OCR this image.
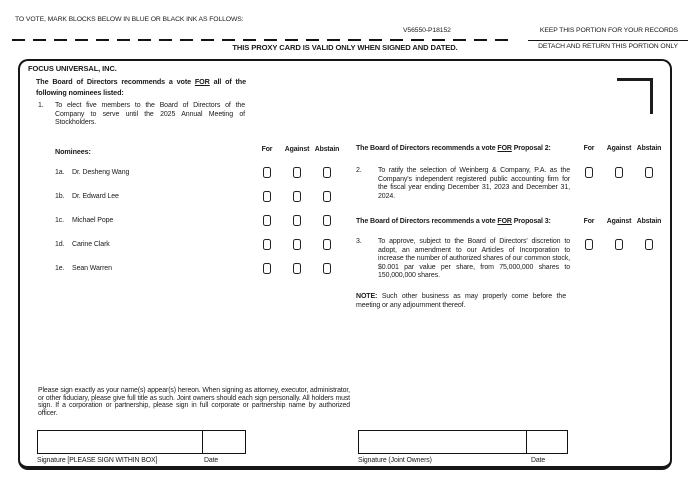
TO VOTE, MARK BLOCKS BELOW IN BLUE OR BLACK INK AS FOLLOWS:
V56550-P18152	KEEP THIS PORTION FOR YOUR RECORDS
THIS PROXY CARD IS VALID ONLY WHEN SIGNED AND DATED.	DETACH AND RETURN THIS PORTION ONLY
FOCUS UNIVERSAL, INC.
The Board of Directors recommends a vote FOR all of the following nominees listed:
1. To elect five members to the Board of Directors of the Company to serve until the 2025 Annual Meeting of Stockholders.
Nominees:	For	Against Abstain
1a. Dr. Desheng Wang
1b. Dr. Edward Lee
1c. Michael Pope
1d. Carine Clark
1e. Sean Warren
The Board of Directors recommends a vote FOR Proposal 2:	For	Against Abstain
2. To ratify the selection of Weinberg & Company, P.A. as the Company's independent registered public accounting firm for the fiscal year ending December 31, 2023 and December 31, 2024.
The Board of Directors recommends a vote FOR Proposal 3:	For	Against Abstain
3. To approve, subject to the Board of Directors' discretion to adopt, an amendment to our Articles of Incorporation to increase the number of authorized shares of our common stock, $0.001 par value per share, from 75,000,000 shares to 150,000,000 shares.
NOTE: Such other business as may properly come before the meeting or any adjournment thereof.
Please sign exactly as your name(s) appear(s) hereon. When signing as attorney, executor, administrator, or other fiduciary, please give full title as such. Joint owners should each sign personally. All holders must sign. If a corporation or partnership, please sign in full corporate or partnership name by authorized officer.
Signature [PLEASE SIGN WITHIN BOX]	Date	Signature (Joint Owners)	Date
